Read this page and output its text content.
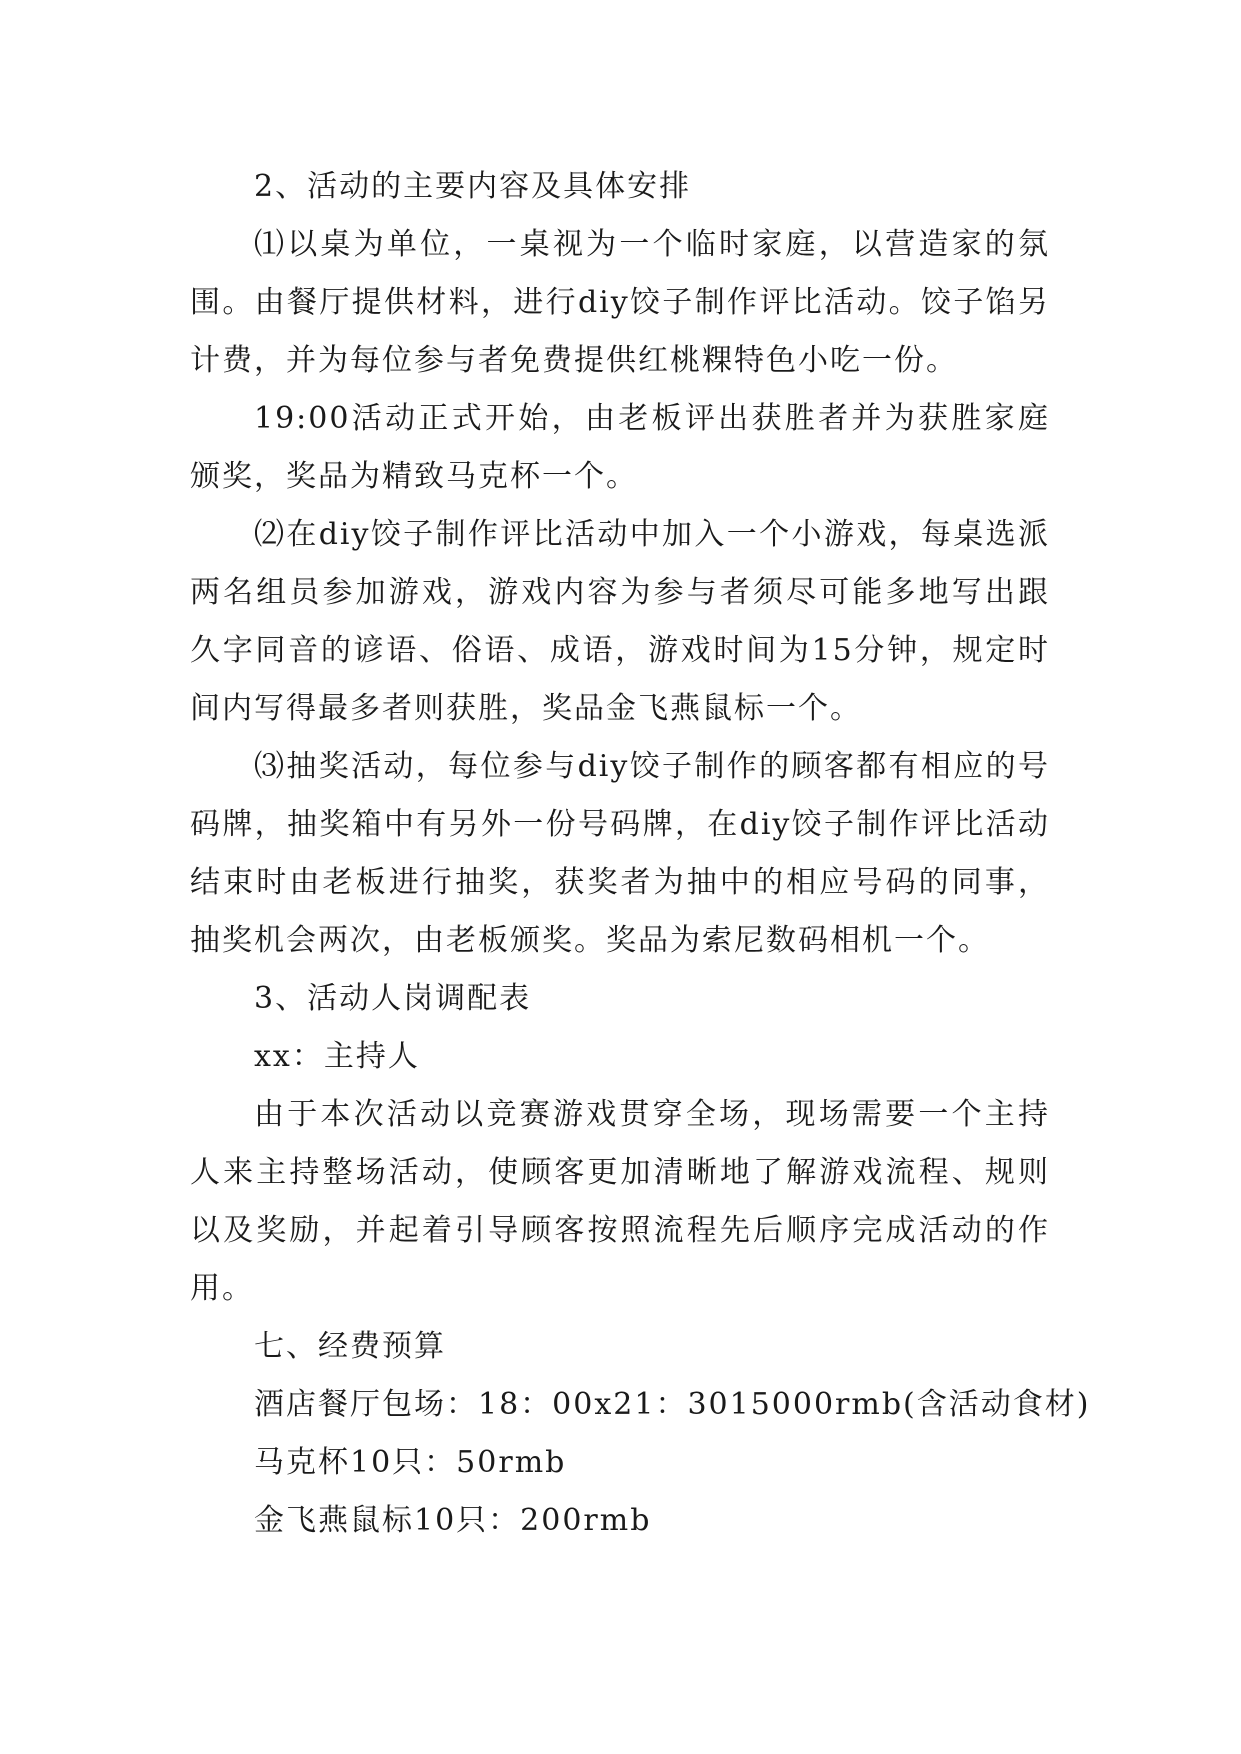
2、活动的主要内容及具体安排

⑴以桌为单位，一桌视为一个临时家庭，以营造家的氛围。由餐厅提供材料，进行diy饺子制作评比活动。饺子馅另计费，并为每位参与者免费提供红桃粿特色小吃一份。

19:00活动正式开始，由老板评出获胜者并为获胜家庭颁奖，奖品为精致马克杯一个。

⑵在diy饺子制作评比活动中加入一个小游戏，每桌选派两名组员参加游戏，游戏内容为参与者须尽可能多地写出跟久字同音的谚语、俗语、成语，游戏时间为15分钟，规定时间内写得最多者则获胜，奖品金飞燕鼠标一个。

⑶抽奖活动，每位参与diy饺子制作的顾客都有相应的号码牌，抽奖箱中有另外一份号码牌，在diy饺子制作评比活动结束时由老板进行抽奖，获奖者为抽中的相应号码的同事，抽奖机会两次，由老板颁奖。奖品为索尼数码相机一个。

3、活动人岗调配表

xx：主持人

由于本次活动以竞赛游戏贯穿全场，现场需要一个主持人来主持整场活动，使顾客更加清晰地了解游戏流程、规则以及奖励，并起着引导顾客按照流程先后顺序完成活动的作用。

七、经费预算

酒店餐厅包场：18：00x21：3015000rmb(含活动食材)

马克杯10只：50rmb

金飞燕鼠标10只：200rmb
